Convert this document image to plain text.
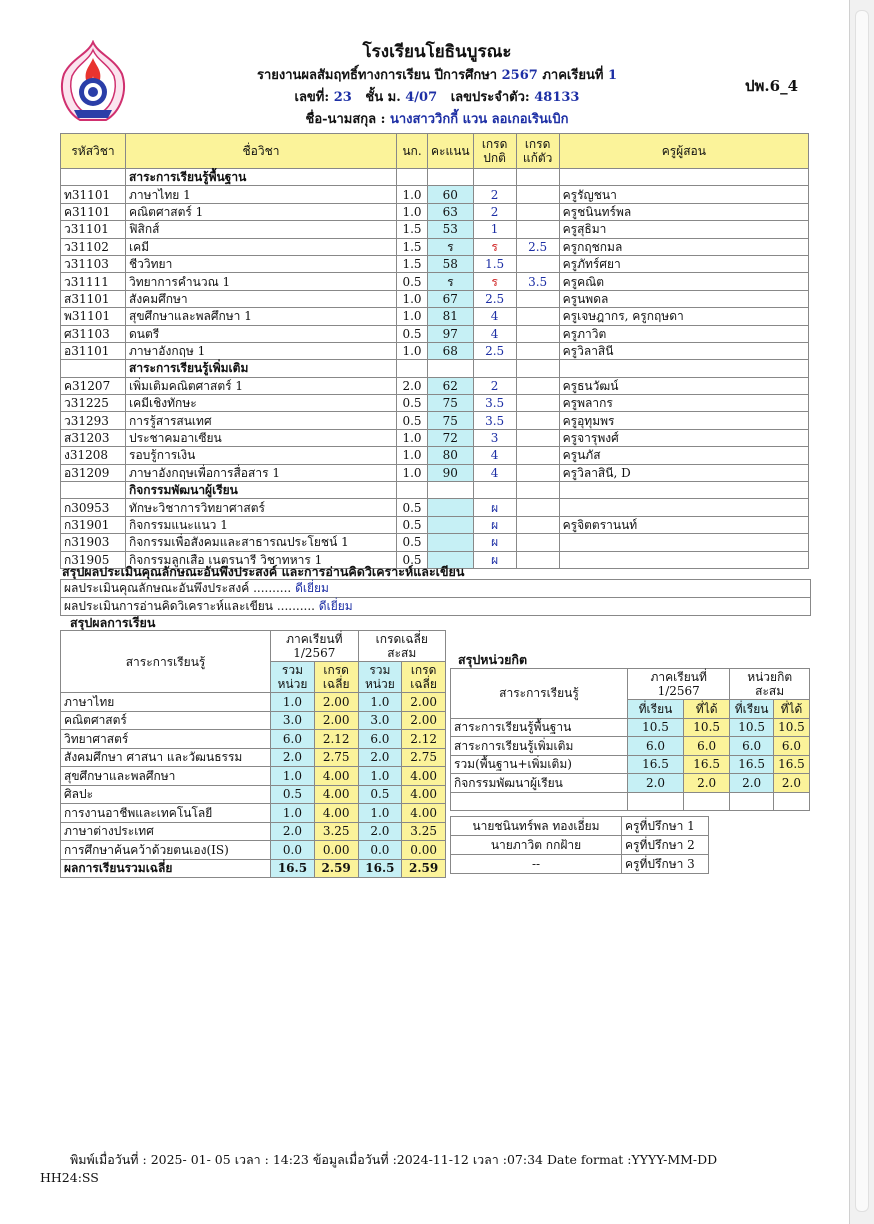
โรงเรียนโยธินบูรณะ
รายงานผลสัมฤทธิ์ทางการเรียน ปีการศึกษา 2567 ภาคเรียนที่ 1
เลขที่: 23 ชั้น ม. 4/07 เลขประจำตัว: 48133
ชื่อ-นามสกุล : นางสาววิกกี้ แวน ลอเกอเรินเบิก
ปพ.6_4
รหัสวิชา	ชื่อวิชา	นก.	คะแนน	เกรด ปกติ	เกรด แก้ตัว	ครูผู้สอน
	สาระการเรียนรู้พื้นฐาน					
ท31101	ภาษาไทย 1	1.0	60	2		ครูรัญชนา
ค31101	คณิตศาสตร์ 1	1.0	63	2		ครูชนินทร์พล
ว31101	ฟิสิกส์	1.5	53	1		ครูสุธิมา
ว31102	เคมี	1.5	ร	ร	2.5	ครูกฤชกมล
ว31103	ชีววิทยา	1.5	58	1.5		ครูภัทร์ศยา
ว31111	วิทยาการคำนวณ 1	0.5	ร	ร	3.5	ครูคณิต
ส31101	สังคมศึกษา	1.0	67	2.5		ครูนพดล
พ31101	สุขศึกษาและพลศึกษา 1	1.0	81	4		ครูเจษฎากร, ครูกฤษดา
ศ31103	ดนตรี	0.5	97	4		ครูภาวิต
อ31101	ภาษาอังกฤษ 1	1.0	68	2.5		ครูวิลาสินี
	สาระการเรียนรู้เพิ่มเติม					
ค31207	เพิ่มเติมคณิตศาสตร์ 1	2.0	62	2		ครูธนวัฒน์
ว31225	เคมีเชิงทักษะ	0.5	75	3.5		ครูพลากร
ว31293	การรู้สารสนเทศ	0.5	75	3.5		ครูอุทุมพร
ส31203	ประชาคมอาเซียน	1.0	72	3		ครูจารุพงศ์
ง31208	รอบรู้การเงิน	1.0	80	4		ครูนภัส
อ31209	ภาษาอังกฤษเพื่อการสื่อสาร 1	1.0	90	4		ครูวิลาสินี, D
	กิจกรรมพัฒนาผู้เรียน					
ก30953	ทักษะวิชาการวิทยาศาสตร์	0.5		ผ		
ก31901	กิจกรรมแนะแนว 1	0.5		ผ		ครูจิตตรานนท์
ก31903	กิจกรรมเพื่อสังคมและสาธารณประโยชน์ 1	0.5		ผ		
ก31905	กิจกรรมลูกเสือ เนตรนารี วิชาทหาร 1	0.5		ผ		
สรุปผลประเมินคุณลักษณะอันพึงประสงค์ และการอ่านคิดวิเคราะห์และเขียน
ผลประเมินคุณลักษณะอันพึงประสงค์ .......... ดีเยี่ยม
ผลประเมินการอ่านคิดวิเคราะห์และเขียน .......... ดีเยี่ยม
สรุปผลการเรียน
สาระการเรียนรู้	ภาคเรียนที่ 1/2567		เกรดเฉลี่ยสะสม	
	รวม หน่วย	เกรด เฉลี่ย	รวม หน่วย	เกรด เฉลี่ย
ภาษาไทย	1.0	2.00	1.0	2.00
คณิตศาสตร์	3.0	2.00	3.0	2.00
วิทยาศาสตร์	6.0	2.12	6.0	2.12
สังคมศึกษา ศาสนา และวัฒนธรรม	2.0	2.75	2.0	2.75
สุขศึกษาและพลศึกษา	1.0	4.00	1.0	4.00
ศิลปะ	0.5	4.00	0.5	4.00
การงานอาชีพและเทคโนโลยี	1.0	4.00	1.0	4.00
ภาษาต่างประเทศ	2.0	3.25	2.0	3.25
การศึกษาค้นคว้าด้วยตนเอง(IS)	0.0	0.00	0.0	0.00
ผลการเรียนรวมเฉลี่ย	16.5	2.59	16.5	2.59
สรุปหน่วยกิต
สาระการเรียนรู้	ภาคเรียนที่ 1/2567		หน่วยกิตสะสม	
	ที่เรียน	ที่ได้	ที่เรียน	ที่ได้
สาระการเรียนรู้พื้นฐาน	10.5	10.5	10.5	10.5
สาระการเรียนรู้เพิ่มเติม	6.0	6.0	6.0	6.0
รวม(พื้นฐาน+เพิ่มเติม)	16.5	16.5	16.5	16.5
กิจกรรมพัฒนาผู้เรียน	2.0	2.0	2.0	2.0

นายชนินทร์พล ทองเอี่ยม	ครูที่ปรึกษา 1
นายภาวิต กกฝ้าย	ครูที่ปรึกษา 2
--	ครูที่ปรึกษา 3
พิมพ์เมื่อวันที่ : 2025- 01- 05 เวลา : 14:23 ข้อมูลเมื่อวันที่ :2024-11-12 เวลา :07:34 Date format :YYYY-MM-DD
HH24:SS
